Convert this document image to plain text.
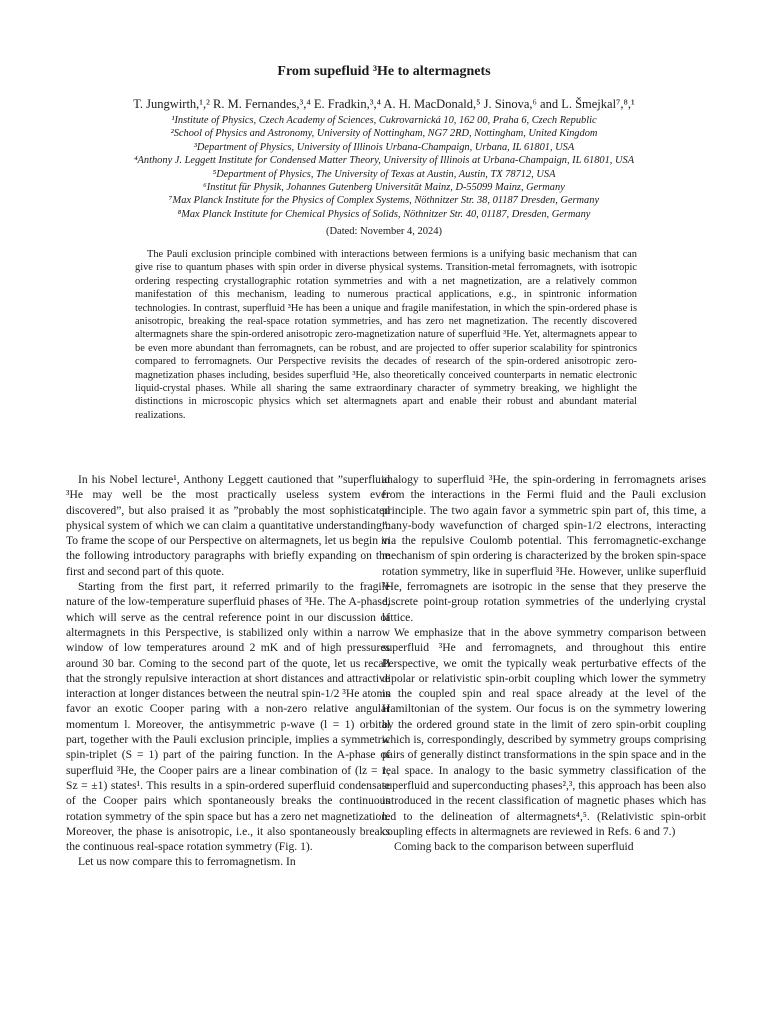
From supefluid ³He to altermagnets

T. Jungwirth,¹,² R. M. Fernandes,³,⁴ E. Fradkin,³,⁴ A. H. MacDonald,⁵ J. Sinova,⁶ and L. Šmejkal⁷,⁸,¹

¹Institute of Physics, Czech Academy of Sciences, Cukrovarnická 10, 162 00, Praha 6, Czech Republic
²School of Physics and Astronomy, University of Nottingham, NG7 2RD, Nottingham, United Kingdom
³Department of Physics, University of Illinois Urbana-Champaign, Urbana, IL 61801, USA
⁴Anthony J. Leggett Institute for Condensed Matter Theory, University of Illinois at Urbana-Champaign, IL 61801, USA
⁵Department of Physics, The University of Texas at Austin, Austin, TX 78712, USA
⁶Institut für Physik, Johannes Gutenberg Universität Mainz, D-55099 Mainz, Germany
⁷Max Planck Institute for the Physics of Complex Systems, Nöthnitzer Str. 38, 01187 Dresden, Germany
⁸Max Planck Institute for Chemical Physics of Solids, Nöthnitzer Str. 40, 01187, Dresden, Germany

(Dated: November 4, 2024)

The Pauli exclusion principle combined with interactions between fermions is a unifying basic mechanism that can give rise to quantum phases with spin order in diverse physical systems. Transition-metal ferromagnets, with isotropic ordering respecting crystallographic rotation symmetries and with a net magnetization, are a relatively common manifestation of this mechanism, leading to numerous practical applications, e.g., in spintronic information technologies. In contrast, superfluid ³He has been a unique and fragile manifestation, in which the spin-ordered phase is anisotropic, breaking the real-space rotation symmetries, and has zero net magnetization. The recently discovered altermagnets share the spin-ordered anisotropic zero-magnetization nature of superfluid ³He. Yet, altermagnets appear to be even more abundant than ferromagnets, can be robust, and are projected to offer superior scalability for spintronics compared to ferromagnets. Our Perspective revisits the decades of research of the spin-ordered anisotropic zero-magnetization phases including, besides superfluid ³He, also theoretically conceived counterparts in nematic electronic liquid-crystal phases. While all sharing the same extraordinary character of symmetry breaking, we highlight the distinctions in microscopic physics which set altermagnets apart and enable their robust and abundant material realizations.

In his Nobel lecture¹, Anthony Leggett cautioned that ”superfluid ³He may well be the most practically useless system ever discovered”, but also praised it as ”probably the most sophisticated physical system of which we can claim a quantitative understanding”. To frame the scope of our Perspective on altermagnets, let us begin in the following introductory paragraphs with briefly expanding on the first and second part of this quote.

Starting from the first part, it referred primarily to the fragile nature of the low-temperature superfluid phases of ³He. The A-phase, which will serve as the central reference point in our discussion of altermagnets in this Perspective, is stabilized only within a narrow window of low temperatures around 2 mK and of high pressures around 30 bar. Coming to the second part of the quote, let us recall that the strongly repulsive interaction at short distances and attractive interaction at longer distances between the neutral spin-1/2 ³He atoms favor an exotic Cooper paring with a non-zero relative angular momentum l. Moreover, the antisymmetric p-wave (l = 1) orbital part, together with the Pauli exclusion principle, implies a symmetric spin-triplet (S = 1) part of the pairing function. In the A-phase of superfluid ³He, the Cooper pairs are a linear combination of (lz = 1, Sz = ±1) states¹. This results in a spin-ordered superfluid condensate of the Cooper pairs which spontaneously breaks the continuous rotation symmetry of the spin space but has a zero net magnetization. Moreover, the phase is anisotropic, i.e., it also spontaneously breaks the continuous real-space rotation symmetry (Fig. 1).

Let us now compare this to ferromagnetism. In

analogy to superfluid ³He, the spin-ordering in ferromagnets arises from the interactions in the Fermi fluid and the Pauli exclusion principle. The two again favor a symmetric spin part of, this time, a many-body wavefunction of charged spin-1/2 electrons, interacting via the repulsive Coulomb potential. This ferromagnetic-exchange mechanism of spin ordering is characterized by the broken spin-space rotation symmetry, like in superfluid ³He. However, unlike superfluid ³He, ferromagnets are isotropic in the sense that they preserve the discrete point-group rotation symmetries of the underlying crystal lattice.

We emphasize that in the above symmetry comparison between superfluid ³He and ferromagnets, and throughout this entire Perspective, we omit the typically weak perturbative effects of the dipolar or relativistic spin-orbit coupling which lower the symmetry in the coupled spin and real space already at the level of the Hamiltonian of the system. Our focus is on the symmetry lowering by the ordered ground state in the limit of zero spin-orbit coupling which is, correspondingly, described by symmetry groups comprising pairs of generally distinct transformations in the spin space and in the real space. In analogy to the basic symmetry classification of the superfluid and superconducting phases²,³, this approach has been also introduced in the recent classification of magnetic phases which has led to the delineation of altermagnets⁴,⁵. (Relativistic spin-orbit coupling effects in altermagnets are reviewed in Refs. 6 and 7.)

Coming back to the comparison between superfluid
